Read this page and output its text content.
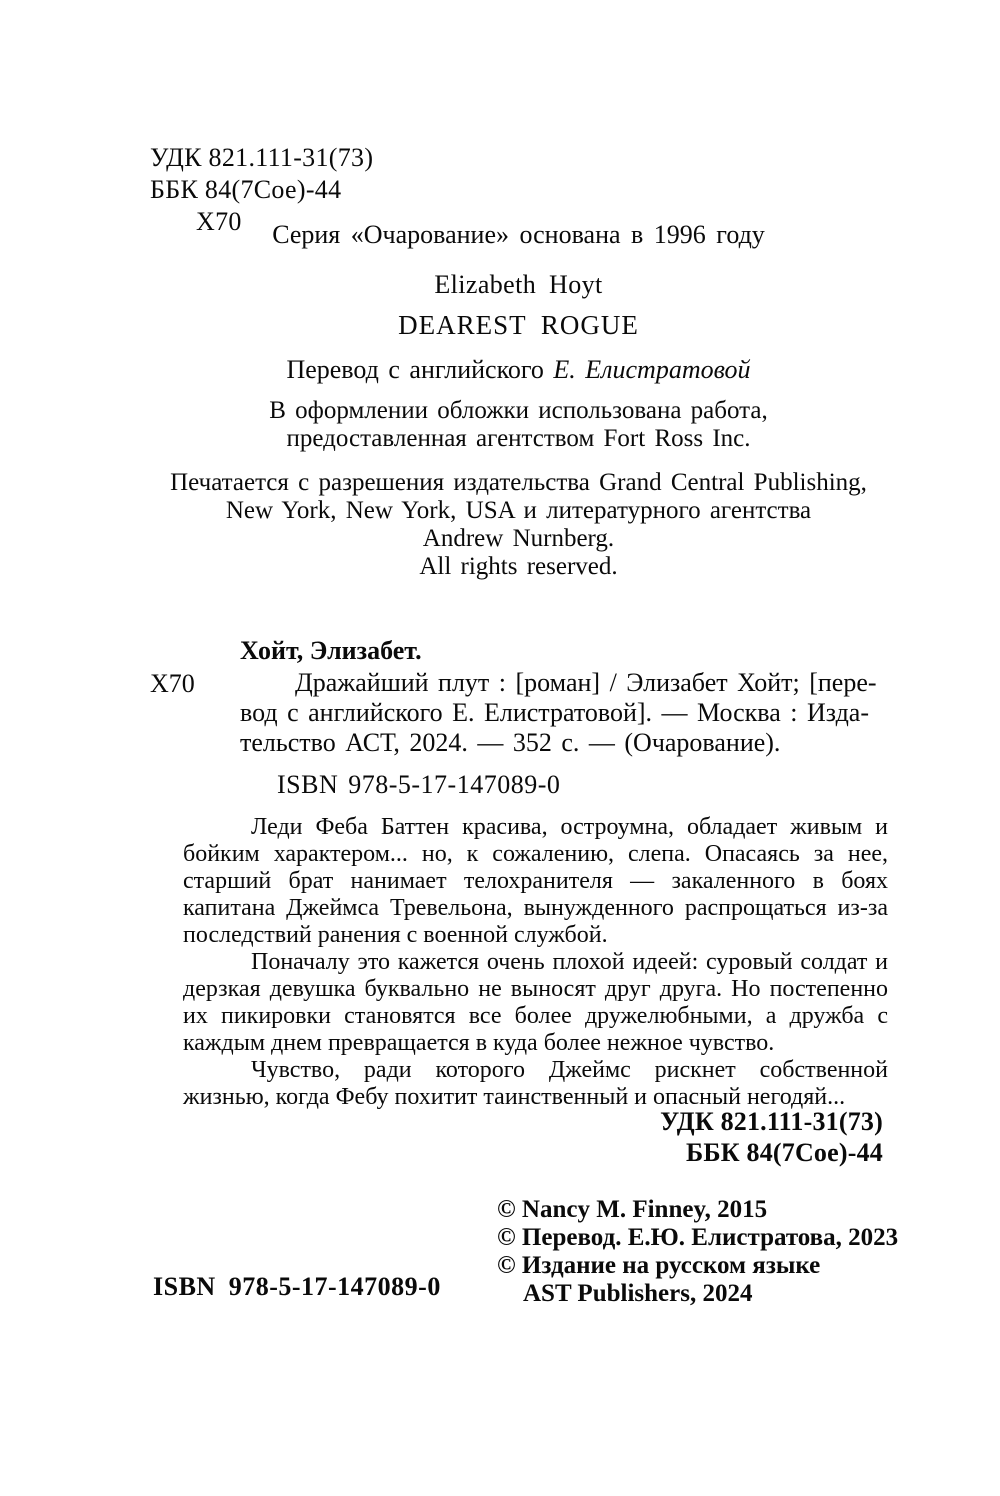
УДК 821.111-31(73)
ББК 84(7Сое)-44
Х70	Серия «Очарование» основана в 1996 году
Elizabeth Hoyt
DEAREST ROGUE
Перевод с английского Е. Елистратовой
В оформлении обложки использована работа,
предоставленная агентством Fort Ross Inc.
Печатается с разрешения издательства Grand Central Publishing,
New York, New York, USA и литературного агентства
Andrew Nurnberg.
All rights reserved.
Хойт, Элизабет.
Х70	Дражайший плут : [роман] / Элизабет Хойт; [пере-
вод с английского Е. Елистратовой]. — Москва : Изда-
тельство АСТ, 2024. — 352 с. — (Очарование).
ISBN 978-5-17-147089-0

Леди Феба Баттен красива, остроумна, обладает живым и бойким характером... но, к сожалению, слепа. Опасаясь за нее, старший брат нанимает телохранителя — закаленного в боях капитана Джеймса Тревельона, вынужденного распрощаться из-за последствий ранения с военной службой.

Поначалу это кажется очень плохой идеей: суровый солдат и дерзкая девушка буквально не выносят друг друга. Но постепенно их пикировки становятся все более дружелюбными, а дружба с каждым днем превращается в куда более нежное чувство.

Чувство, ради которого Джеймс рискнет собственной жизнью, когда Фебу похитит таинственный и опасный негодяй...

УДК 821.111-31(73)
ББК 84(7Сое)-44
© Nancy M. Finney, 2015
© Перевод. Е.Ю. Елистратова, 2023
© Издание на русском языке
AST Publishers, 2024
ISBN 978-5-17-147089-0
